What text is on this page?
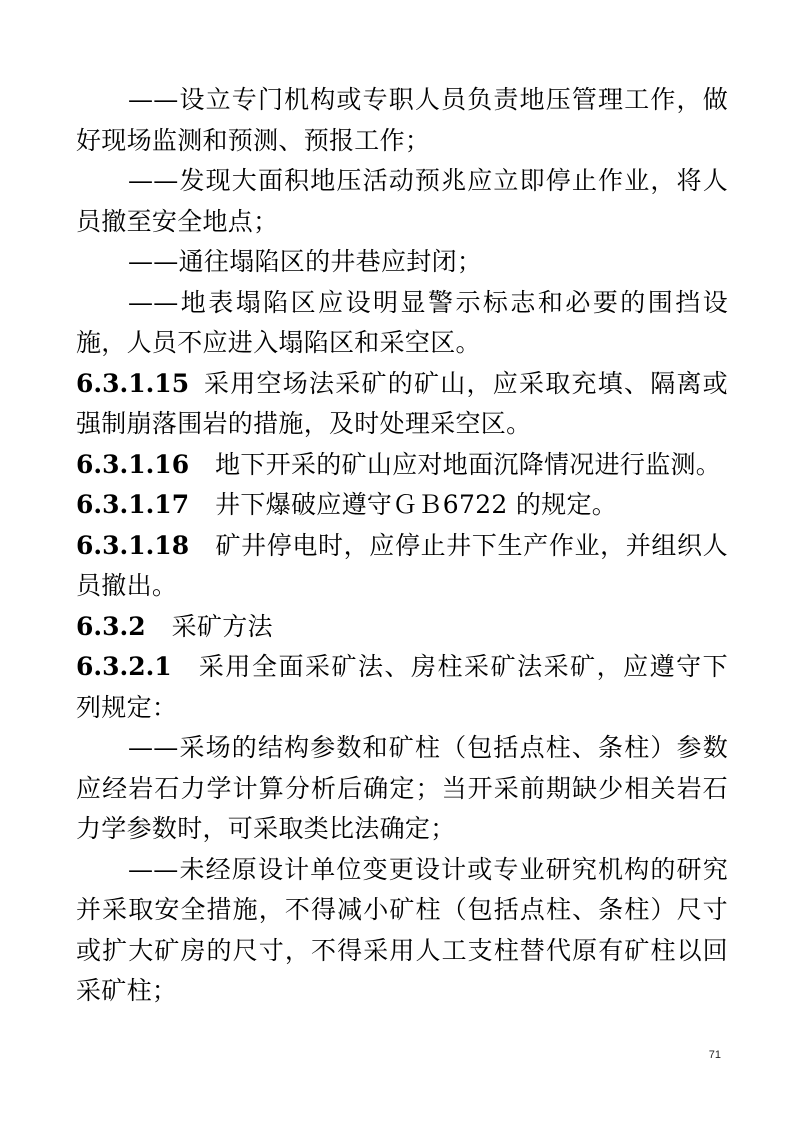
——设立专门机构或专职人员负责地压管理工作，做好现场监测和预测、预报工作；

——发现大面积地压活动预兆应立即停止作业，将人员撤至安全地点；

——通往塌陷区的井巷应封闭；

——地表塌陷区应设明显警示标志和必要的围挡设施，人员不应进入塌陷区和采空区。

6.3.1.15 采用空场法采矿的矿山，应采取充填、隔离或强制崩落围岩的措施，及时处理采空区。

6.3.1.16 地下开采的矿山应对地面沉降情况进行监测。

6.3.1.17 井下爆破应遵守ＧＢ6722 的规定。

6.3.1.18 矿井停电时，应停止井下生产作业，并组织人员撤出。

6.3.2 采矿方法

6.3.2.1 采用全面采矿法、房柱采矿法采矿，应遵守下列规定：

——采场的结构参数和矿柱（包括点柱、条柱）参数应经岩石力学计算分析后确定；当开采前期缺少相关岩石力学参数时，可采取类比法确定；

——未经原设计单位变更设计或专业研究机构的研究并采取安全措施，不得减小矿柱（包括点柱、条柱）尺寸或扩大矿房的尺寸，不得采用人工支柱替代原有矿柱以回采矿柱；

71
